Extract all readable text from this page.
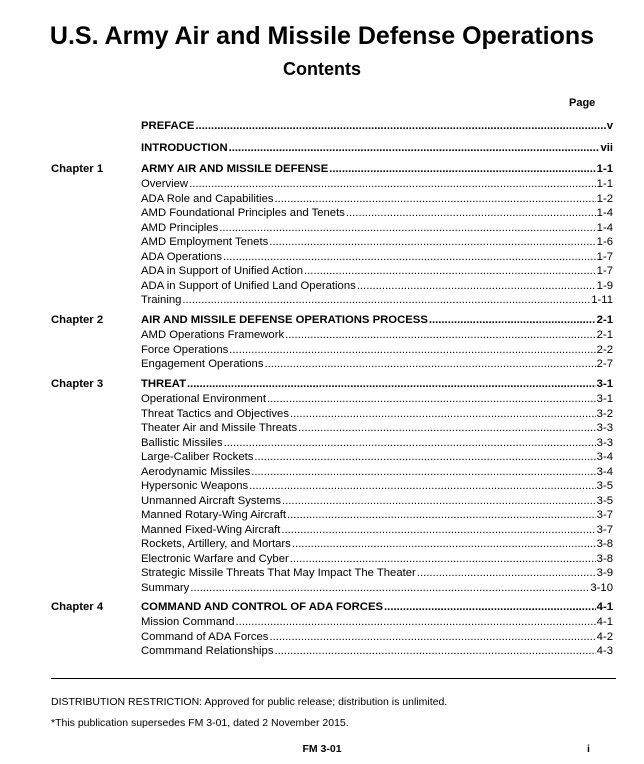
U.S. Army Air and Missile Defense Operations
Contents
Page
PREFACE .....	v
INTRODUCTION .....	vii
Chapter 1	ARMY AIR AND MISSILE DEFENSE .....	1-1
Overview .....	1-1
ADA Role and Capabilities .....	1-2
AMD Foundational Principles and Tenets .....	1-4
AMD Principles .....	1-4
AMD Employment Tenets .....	1-6
ADA Operations .....	1-7
ADA in Support of Unified Action .....	1-7
ADA in Support of Unified Land Operations .....	1-9
Training .....	1-11
Chapter 2	AIR AND MISSILE DEFENSE OPERATIONS PROCESS .....	2-1
AMD Operations Framework .....	2-1
Force Operations .....	2-2
Engagement Operations .....	2-7
Chapter 3	THREAT .....	3-1
Operational Environment .....	3-1
Threat Tactics and Objectives .....	3-2
Theater Air and Missile Threats .....	3-3
Ballistic Missiles .....	3-3
Large-Caliber Rockets .....	3-4
Aerodynamic Missiles .....	3-4
Hypersonic Weapons .....	3-5
Unmanned Aircraft Systems .....	3-5
Manned Rotary-Wing Aircraft .....	3-7
Manned Fixed-Wing Aircraft .....	3-7
Rockets, Artillery, and Mortars .....	3-8
Electronic Warfare and Cyber .....	3-8
Strategic Missile Threats That May Impact The Theater .....	3-9
Summary .....	3-10
Chapter 4	COMMAND AND CONTROL OF ADA FORCES .....	4-1
Mission Command .....	4-1
Command of ADA Forces .....	4-2
Commmand Relationships .....	4-3
DISTRIBUTION RESTRICTION: Approved for public release; distribution is unlimited.
*This publication supersedes FM 3-01, dated 2 November 2015.
FM 3-01	i
